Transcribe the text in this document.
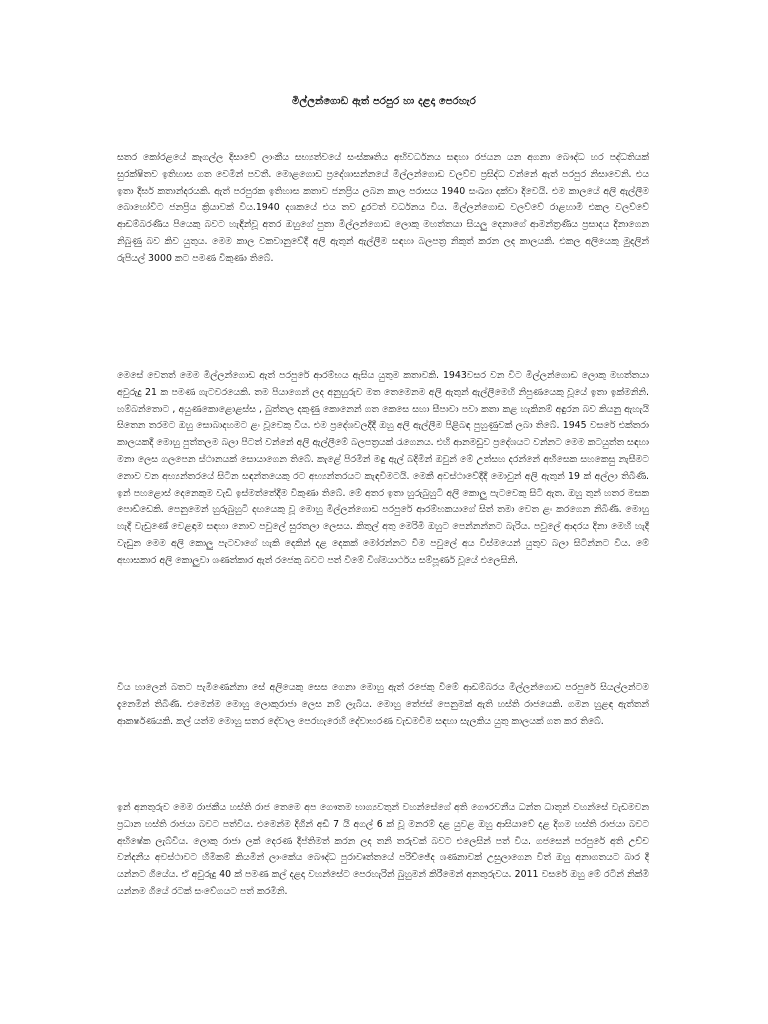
මිල්ලන්ගොඩ ඇත් පරපුර හා දළදා පෙරහැර

සතර කෝරළයේ කෑගල්ල දිසාවේ ලාංකීය සභ්‍යත්වයේ සංස්කෘතිය අභිවර්ධනය සඳහා රජයන යන අගනා බෞද්ධ හර පද්ධතියක් සුරක්ෂිතව ඉතිහාස ගත වෙමින් පවතී. මොළගොඩ ප්‍රදේශාසන්නයේ මිල්ලන්ගොඩ වලව්ව ප්‍රසිද්ධ වන්නේ ඇත් පරපුර නිසාවෙනි. එය ඉතා දීර්ඝ කතාන්දරයකි. ඇත් පරපුරක ඉතිහාස කතාව ජනප්‍රිය ලබන කාල පරාසය 1940 සංඛ්‍යා දක්වා දිවෙයි. එම කාලයේ අලි ඇල්ලීම බොහෝවිට ජනප්‍රිය ක්‍රියාවක් විය.1940 දශකයේ එය තව දුරටත් වර්ධනය විය. මිල්ලන්ගොඩ වලව්වේ රාළහාමි එකල වලව්වේ ආඩම්බරණීය පියෙකු බවට හැඳින්වූ අතර ඔහුගේ පුතා මිල්ලන්ගොඩ ලොකු මහත්තයා සියලු දෙනාගේ ආමන්ත්‍රණීය ප්‍රසාදය දිනාගෙන නිබුණු බව කිව යුතුය. මෙම කාල වකවානුවේදී අලි ඇතුන් ඇල්ලීම සඳහා බලපත්‍ර නිකුත් කරන ලද කාලයකි. එකල අලියෙකු මුදලින් රුපියල් 3000 කට පමණ විකුණා තිබේ.

මෙසේ වෙතත් මෙම මිල්ලන්ගොඩ ඇත් පරපුරේ ආරම්භය ඇසිය යුතුම කතාවකි. 1943වසර වන විට මිල්ලන්ගොඩ ලොකු මහත්තයා අවුරුදු 21 ක පමණ ගැටවරයෙකි. තම පියාගෙන් ලද අනුහුරුව මත තෙමෙනම අලි ඇතුන් ඇල්ලීමෙහි නිපුණයෙකු වූයේ ඉතා ඉක්මනිනි. හම්බන්තොට , අයුණකොළොළස්ස , බුත්තල දකුණු කොනෙන් ගත කෙසෙ සහා සීපාවා පවා කතා කළ හැකිනම් අඳුරන බව කියනු ඇහැයි සිතෙන තරමට ඔහු සොබාදහමට ළං වූවෙකු විය. එම ප්‍රදේශවලදීදී ඔහු අලි ඇල්ලීම පිළිබඳ පුහුණුවක් ලබා තිබේ. 1945 වසරේ එක්තරා කාලයකදී මොහු පුත්තලම බලා පිටත් වන්නේ අලි ඇල්ලීමේ බලපත්‍රයක් රැගෙනය. එහි ආනමඩුව ප්‍රදේශයට වන්නට මෙම කටයුත්ත සඳහා මනා ලෙස ගලපෙන ස්ථානයක් සොයාගෙන තිබේ. කැළේ පිරමීන් මඳු ඇල් බදිමින් ඔවුන් මේ උත්සහ දරන්නේ අභිසෙක සහකෙසු නැසීමට නොව වන අභ්‍යන්තරයේ සිටින සඳන්තයෙකු රට අභ්‍යන්තරයට කැඳවීමටයි. මෙකී අවස්ථාවේදීදී මොවුන් අලි ඇතුන් 19 ක් අල්ලා තිබීණි. ඉන් පහළොස් දෙනෙකුම වැඩි ඉස්මත්තේදීම විකුණා තිබේ. මේ අතර ඉතා හුරුබුහුටි අලි කොලු පැටවෙකු සිටි ඇත. ඔහු තුන් හතර මසක පොඩ්ඩෙකි. පෙනුමෙන් හුරුබුහුටි දඟයෙකු වූ මොහු මිල්ලන්ගොඩ පරපුරේ ආරම්භකයාගේ සිත් තමා වෙත ළං කරගෙන නිබිණි. මොහු හැදී වැඩුණේ වෙළඳාම සඳහා නොව පවුලේ සුරතලා ලෙසය. කිතුල් අතු මෙරිමි ඔහුට පෙන්නන්නට බැරිය. පවුලේ ආදරය දිනා මෙහි හැදී වැඩුන මෙම අලි කොලු පැටවාගේ හැකි දෙකින් දළ දෙකක් මෝරන්නට වීම පවුලේ අය විස්මයෙන් යුතුව බලා සිටින්නට විය. මේ අභාසකාර අලි කොලුවා ශණත්කාර ඇත් රජෙකු බවට පත් වීමේ විශ්මයාර්ථය සම්පූර්ණ වූයේ එලෙසිනි.

විය හාලෙන් බතට පැමිණෙන්නා සේ අලියෙකු සෙස ගෙනා මොහු ඇත් රජෙකු වීමේ ආඩම්බරය මිල්ලන්ගොඩ පරපුරේ සියල්ලන්ටම දැනෙමින් තිබිණි. එමෙන්ම මොහු ලොකුරාජා ලෙස නම් ලැබිය. මොහු තේජස් පෙනුමක් ඇති හස්ති රාජයෙකි. ගමන හුළඳ ඇත්තන් ආකර්ෂණයකි. කල් යත්ම මොහු සතර දේවාල පෙරහැරෙහි දේවාභරණ වැඩමවීම සඳහා සැලකිය යුතු කාලයක් ගත කර තිබේ.

ඉන් අනතුරුව මෙම රාජකීය හස්ති රාජ තෙමෙ අප ගෞතම භාග්‍යවතුන් වහන්සේගේ අති ගෞරවනීය ධන්ත ධාතූන් වහන්සේ වැඩමවන ප්‍රධාන හස්ති රාජයා බවට පත්විය. එමෙන්ම දිගින් අඩි 7 යි අගල් 6 ක් වූ මනරම් දළ යුවළ ඔහු ආසියාවේ දළ දිගම හස්ති රාජයා බවට අභිෂේක ලැබ්විය. ලොකු රාජා ලක් දෙරණ දීප්තිමත් කරන ලද තනි තරුවක් බවට එලෙසින් පත් විය. ගජසෙන් පරපුරේ අති උච්ච වන්දනීය අවස්ථාවට හිමිකම් කියමින් ලාංකේය බෞද්ධ පුරාවෘත්තයේ පරිච්ඡේද ශණනාවක් උසුලාගෙන විත් ඔහු අනාගතයට බාර දී යන්නට ගියේය. ඒ අවුරුදු 40 ක් පමණ කල් දළදා වහන්සේට පෙරහැරින් බුහුමන් කිරීමෙන් අනතුරුවය. 2011 වසරේ ඔහු මේ රටින් නික්මී යන්නම ගියේ රටක් සංවේගයට පත් කරමිනි.
